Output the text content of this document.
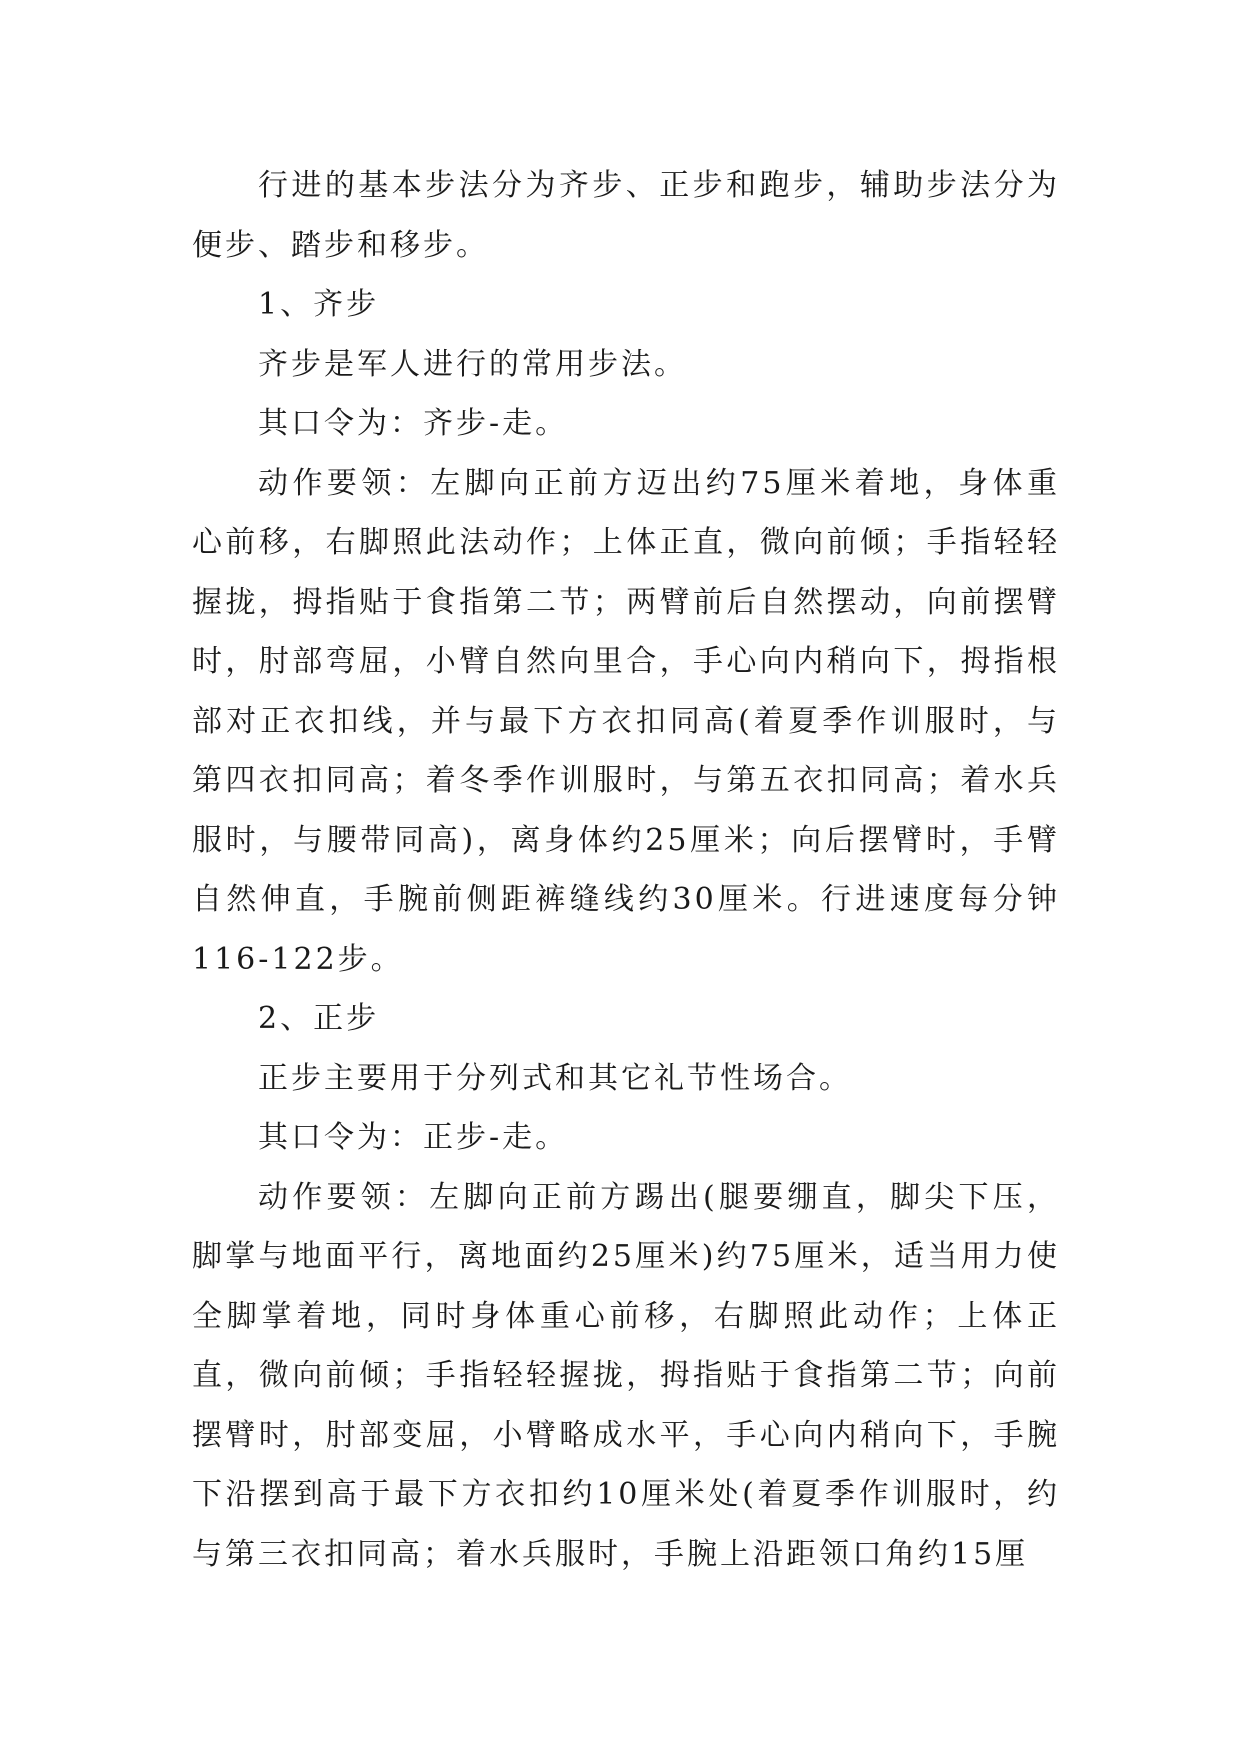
行进的基本步法分为齐步、正步和跑步，辅助步法分为便步、踏步和移步。

1、齐步

齐步是军人进行的常用步法。

其口令为：齐步-走。

动作要领：左脚向正前方迈出约75厘米着地，身体重心前移，右脚照此法动作；上体正直，微向前倾；手指轻轻握拢，拇指贴于食指第二节；两臂前后自然摆动，向前摆臂时，肘部弯屈，小臂自然向里合，手心向内稍向下，拇指根部对正衣扣线，并与最下方衣扣同高(着夏季作训服时，与第四衣扣同高；着冬季作训服时，与第五衣扣同高；着水兵服时，与腰带同高)，离身体约25厘米；向后摆臂时，手臂自然伸直，手腕前侧距裤缝线约30厘米。行进速度每分钟116-122步。

2、正步

正步主要用于分列式和其它礼节性场合。

其口令为：正步-走。

动作要领：左脚向正前方踢出(腿要绷直，脚尖下压，脚掌与地面平行，离地面约25厘米)约75厘米，适当用力使全脚掌着地，同时身体重心前移，右脚照此动作；上体正直，微向前倾；手指轻轻握拢，拇指贴于食指第二节；向前摆臂时，肘部变屈，小臂略成水平，手心向内稍向下，手腕下沿摆到高于最下方衣扣约10厘米处(着夏季作训服时，约与第三衣扣同高；着水兵服时，手腕上沿距领口角约15厘
